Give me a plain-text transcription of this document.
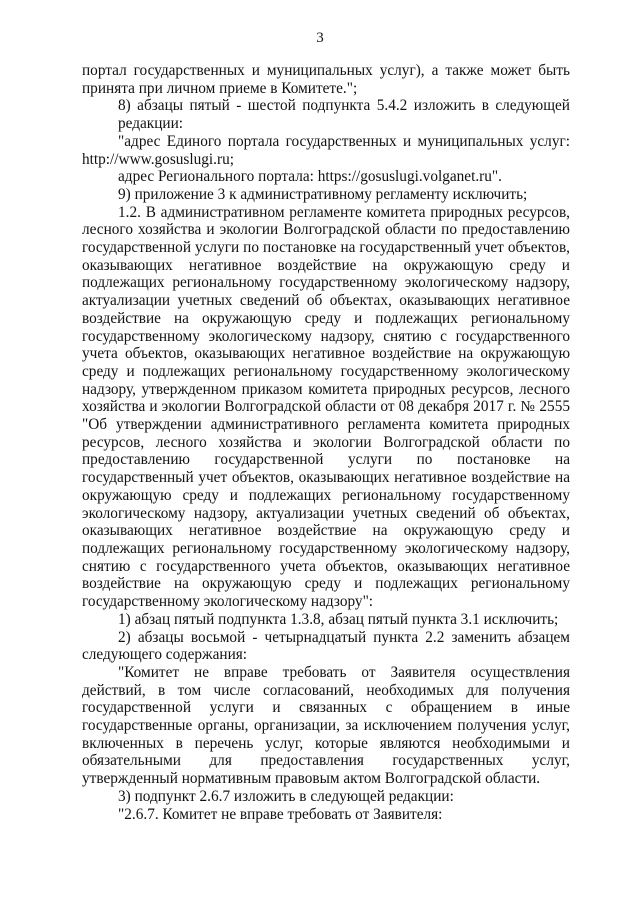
3

портал государственных и муниципальных услуг), а также может быть принята при личном приеме в Комитете.";

8) абзацы пятый - шестой подпункта 5.4.2 изложить в следующей редакции:

"адрес Единого портала государственных и муниципальных услуг: http://www.gosuslugi.ru;

адрес Регионального портала: https://gosuslugi.volganet.ru".

9) приложение 3 к административному регламенту исключить;

1.2. В административном регламенте комитета природных ресурсов, лесного хозяйства и экологии Волгоградской области по предоставлению государственной услуги по постановке на государственный учет объектов, оказывающих негативное воздействие на окружающую среду и подлежащих региональному государственному экологическому надзору, актуализации учетных сведений об объектах, оказывающих негативное воздействие на окружающую среду и подлежащих региональному государственному экологическому надзору, снятию с государственного учета объектов, оказывающих негативное воздействие на окружающую среду и подлежащих региональному государственному экологическому надзору, утвержденном приказом комитета природных ресурсов, лесного хозяйства и экологии Волгоградской области от 08 декабря 2017 г. № 2555 "Об утверждении административного регламента комитета природных ресурсов, лесного хозяйства и экологии Волгоградской области по предоставлению государственной услуги по постановке на государственный учет объектов, оказывающих негативное воздействие на окружающую среду и подлежащих региональному государственному экологическому надзору, актуализации учетных сведений об объектах, оказывающих негативное воздействие на окружающую среду и подлежащих региональному государственному экологическому надзору, снятию с государственного учета объектов, оказывающих негативное воздействие на окружающую среду и подлежащих региональному государственному экологическому надзору":

1) абзац пятый подпункта 1.3.8, абзац пятый пункта 3.1 исключить;

2) абзацы восьмой - четырнадцатый пункта 2.2 заменить абзацем следующего содержания:

"Комитет не вправе требовать от Заявителя осуществления действий, в том числе согласований, необходимых для получения государственной услуги и связанных с обращением в иные государственные органы, организации, за исключением получения услуг, включенных в перечень услуг, которые являются необходимыми и обязательными для предоставления государственных услуг, утвержденный нормативным правовым актом Волгоградской области.

3) подпункт 2.6.7 изложить в следующей редакции:

"2.6.7. Комитет не вправе требовать от Заявителя:
